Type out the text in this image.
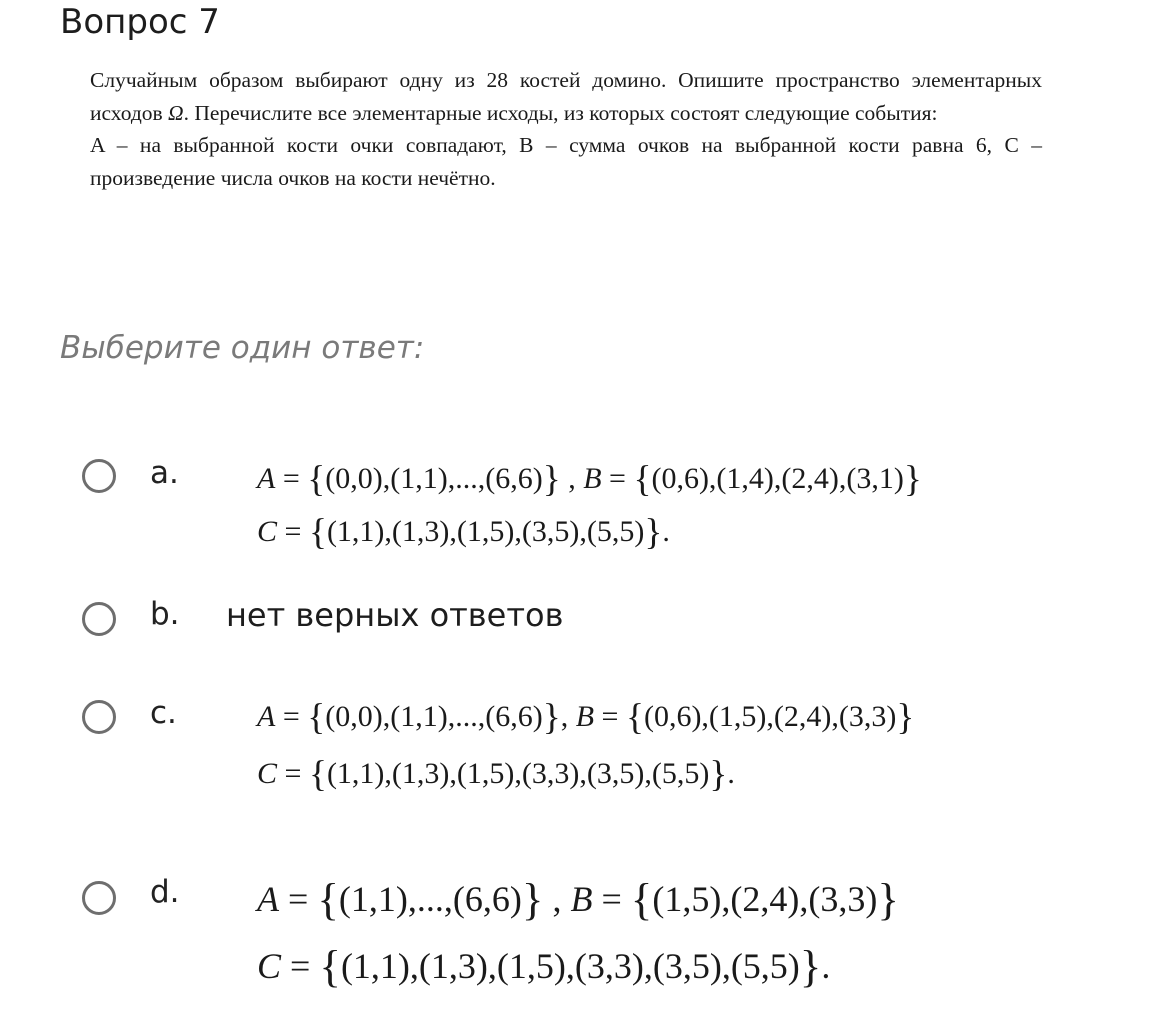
Вопрос 7

Случайным образом выбирают одну из 28 костей домино. Опишите пространство элементарных исходов Ω. Перечислите все элементарные исходы, из которых состоят следующие события:

A – на выбранной кости очки совпадают, B – сумма очков на выбранной кости равна 6, C – произведение числа очков на кости нечётно.

Выберите один ответ:
a.	A = {(0,0),(1,1),...,(6,6)} , B = {(0,6),(1,4),(2,4),(3,1)}
C = {(1,1),(1,3),(1,5),(3,5),(5,5)}.
b. нет верных ответов
c.	A = {(0,0),(1,1),...,(6,6)}, B = {(0,6),(1,5),(2,4),(3,3)}
C = {(1,1),(1,3),(1,5),(3,3),(3,5),(5,5)}.
d. A = {(1,1),...,(6,6)} , B = {(1,5),(2,4),(3,3)}
C = {(1,1),(1,3),(1,5),(3,3),(3,5),(5,5)}.
